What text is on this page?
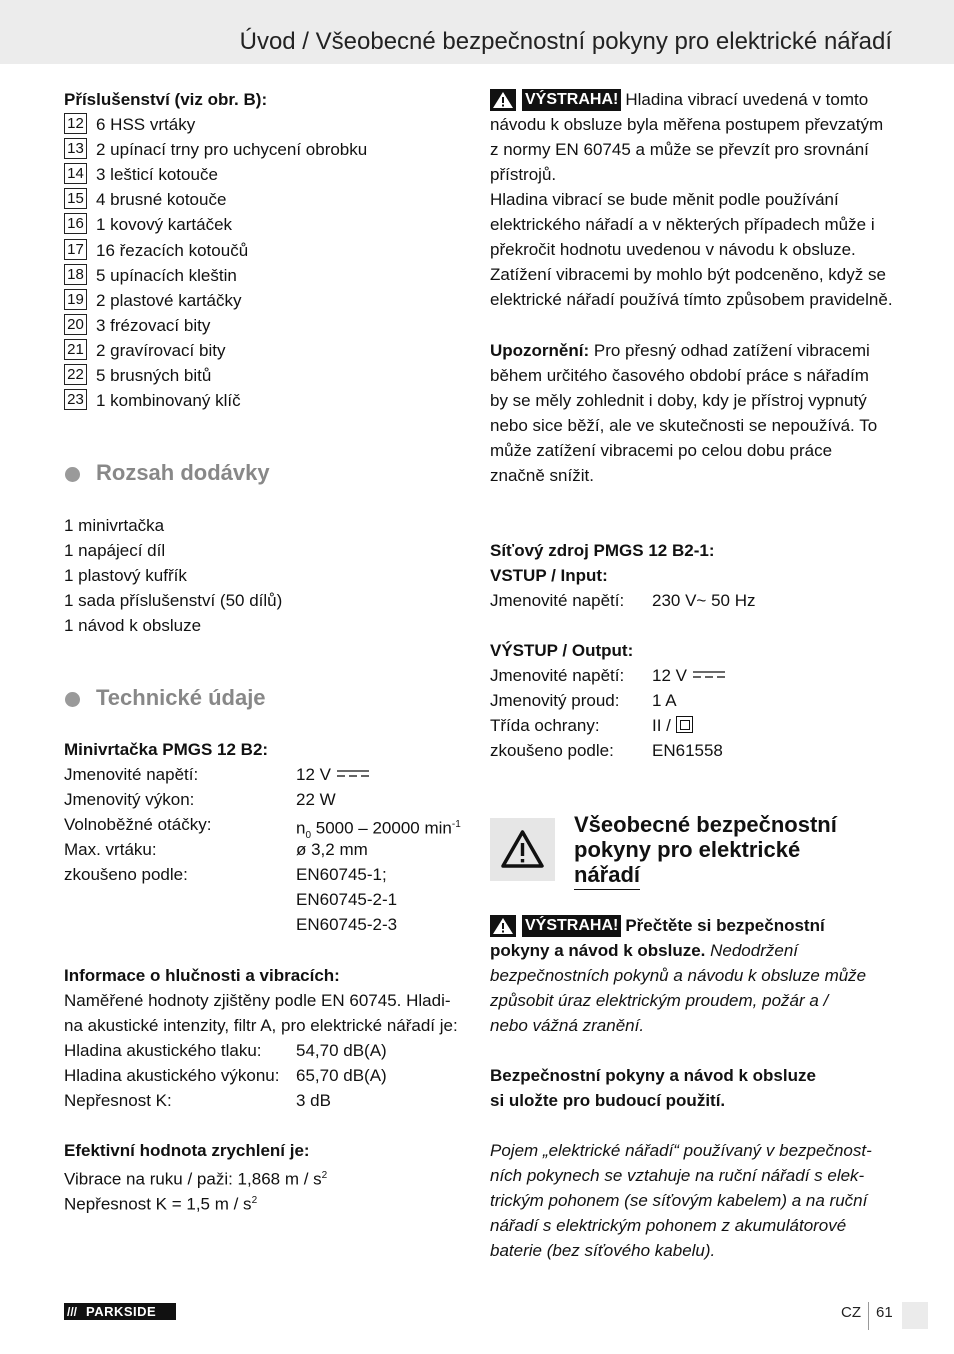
Úvod / Všeobecné bezpečnostní pokyny pro elektrické nářadí
Příslušenství (viz obr. B):
12 6 HSS vrtáky
13 2 upínací trny pro uchycení obrobku
14 3 lešticí kotouče
15 4 brusné kotouče
16 1 kovový kartáček
17 16 řezacích kotoučů
18 5 upínacích kleštin
19 2 plastové kartáčky
20 3 frézovací bity
21 2 gravírovací bity
22 5 brusných bitů
23 1 kombinovaný klíč
Rozsah dodávky
1 minivrtačka
1 napájecí díl
1 plastový kufřík
1 sada příslušenství (50 dílů)
1 návod k obsluze
Technické údaje
Minivrtačka PMGS 12 B2:
Jmenovité napětí:	12 V
Jmenovitý výkon:	22 W
Volnoběžné otáčky:	$n_0$ 5000 – 20000 $\min^{-1}$
Max. vrtáku:	ø 3,2 mm
zkoušeno podle:	EN60745-1;
EN60745-2-1
EN60745-2-3
Informace o hlučnosti a vibracích:
Naměřené hodnoty zjištěny podle EN 60745. Hladi-
na akustické intenzity, filtr A, pro elektrické nářadí je:
Hladina akustického tlaku: 54,70 dB(A)
Hladina akustického výkonu: 65,70 dB(A)
Nepřesnost K:	3 dB
Efektivní hodnota zrychlení je:
Vibrace na ruku / paži: 1,868 m / $s^2$
Nepřesnost K = 1,5 m / $s^2$
VÝSTRAHA! Hladina vibrací uvedená v tomto
návodu k obsluze byla měřena postupem převzatým
z normy EN 60745 a může se převzít pro srovnání
přístrojů.
Hladina vibrací se bude měnit podle používání
elektrického nářadí a v některých případech může i
překročit hodnotu uvedenou v návodu k obsluze.
Zatížení vibracemi by mohlo být podceněno, když se
elektrické nářadí používá tímto způsobem pravidelně.
Upozornění: Pro přesný odhad zatížení vibracemi
během určitého časového období práce s nářadím
by se měly zohlednit i doby, kdy je přístroj vypnutý
nebo sice běží, ale ve skutečnosti se nepoužívá. To
může zatížení vibracemi po celou dobu práce
značně snížit.
Síťový zdroj PMGS 12 B2-1:
VSTUP / Input:
Jmenovité napětí: 230 V~ 50 Hz
VÝSTUP / Output:
Jmenovité napětí: 12 V
Jmenovitý proud: 1 A
Třída ochrany:	II /
zkoušeno podle: EN61558
Všeobecné bezpečnostní
pokyny pro elektrické
nářadí
VÝSTRAHA! Přečtěte si bezpečnostní
pokyny a návod k obsluze. Nedodržení
bezpečnostních pokynů a návodu k obsluze může
způsobit úraz elektrickým proudem, požár a /
nebo vážná zranění.
Bezpečnostní pokyny a návod k obsluze
si uložte pro budoucí použití.
Pojem „elektrické nářadí“ používaný v bezpečnost-
ních pokynech se vztahuje na ruční nářadí s elek-
trickým pohonem (se síťovým kabelem) a na ruční
nářadí s elektrickým pohonem z akumulátorové
baterie (bez síťového kabelu).
/// PARKSIDE	CZ 61
